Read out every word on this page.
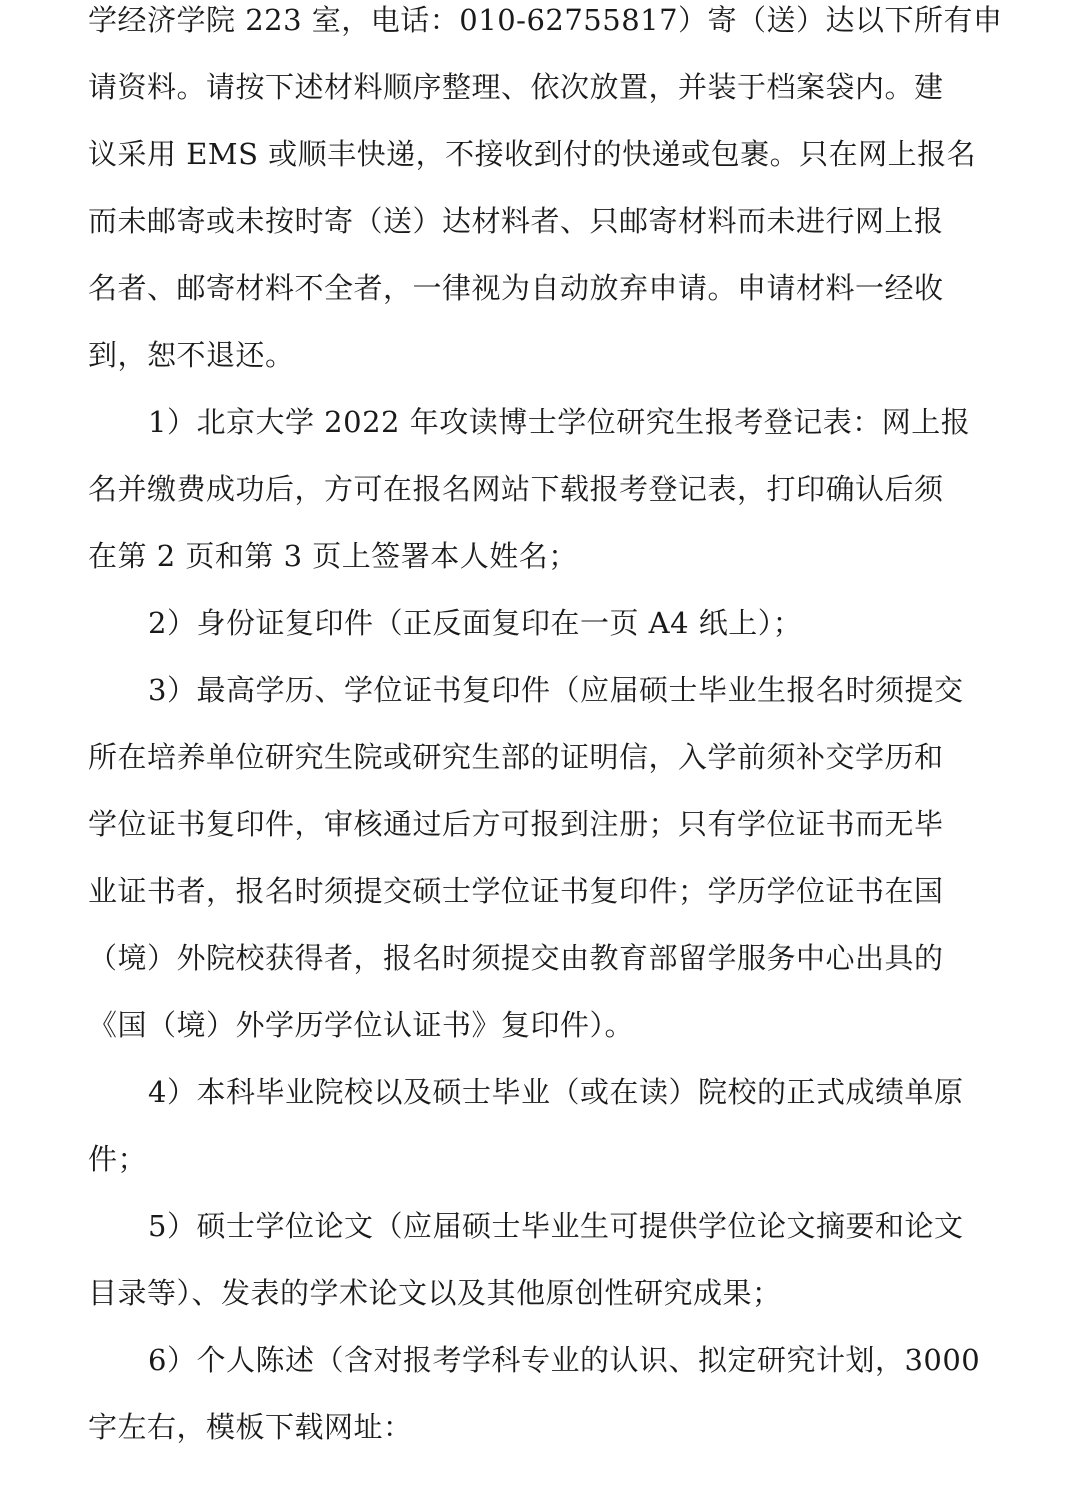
学经济学院 223 室，电话：010-62755817）寄（送）达以下所有申
请资料。请按下述材料顺序整理、依次放置，并装于档案袋内。建
议采用 EMS 或顺丰快递，不接收到付的快递或包裹。只在网上报名
而未邮寄或未按时寄（送）达材料者、只邮寄材料而未进行网上报
名者、邮寄材料不全者，一律视为自动放弃申请。申请材料一经收
到，恕不退还。
1）北京大学 2022 年攻读博士学位研究生报考登记表：网上报
名并缴费成功后，方可在报名网站下载报考登记表，打印确认后须
在第 2 页和第 3 页上签署本人姓名；
2）身份证复印件（正反面复印在一页 A4 纸上）；
3）最高学历、学位证书复印件（应届硕士毕业生报名时须提交
所在培养单位研究生院或研究生部的证明信，入学前须补交学历和
学位证书复印件，审核通过后方可报到注册；只有学位证书而无毕
业证书者，报名时须提交硕士学位证书复印件；学历学位证书在国
（境）外院校获得者，报名时须提交由教育部留学服务中心出具的
《国（境）外学历学位认证书》复印件）。
4）本科毕业院校以及硕士毕业（或在读）院校的正式成绩单原
件；
5）硕士学位论文（应届硕士毕业生可提供学位论文摘要和论文
目录等）、发表的学术论文以及其他原创性研究成果；
6）个人陈述（含对报考学科专业的认识、拟定研究计划，3000
字左右，模板下载网址：
